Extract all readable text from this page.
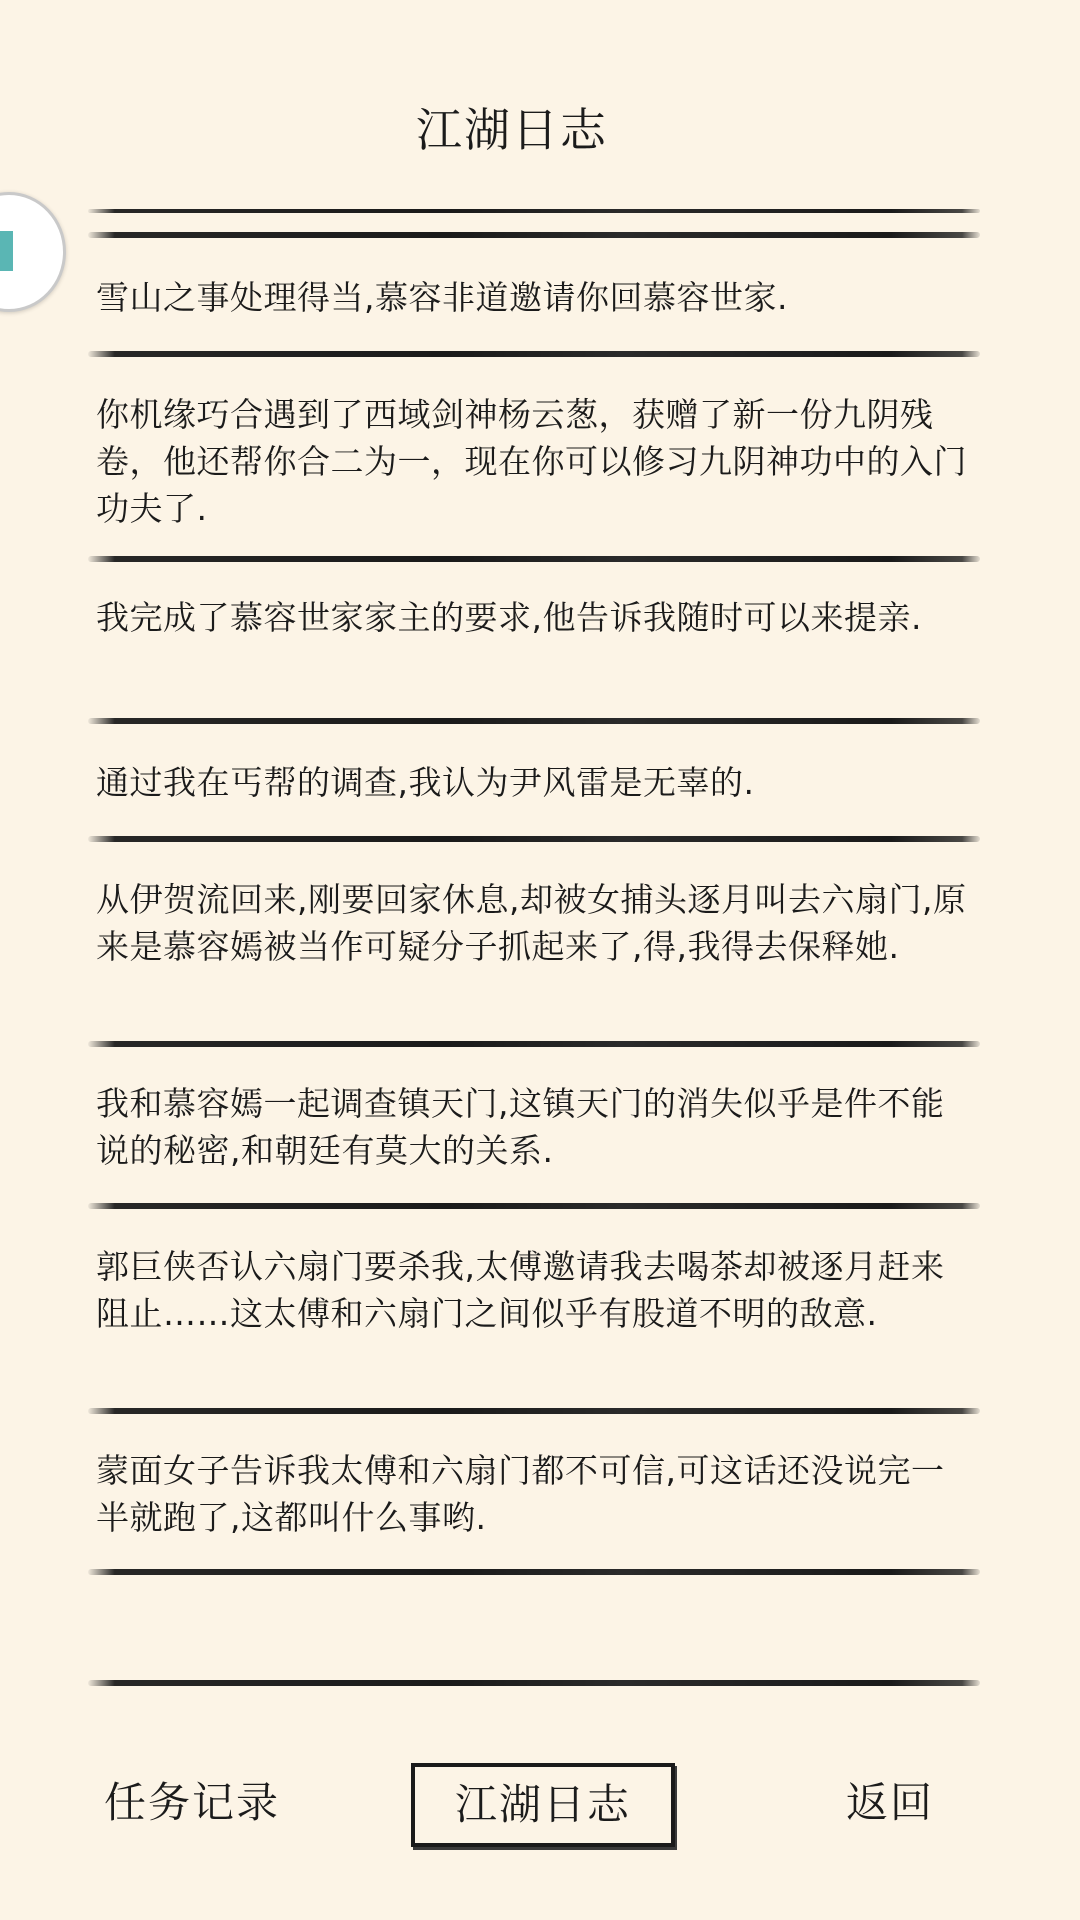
江湖日志
雪山之事处理得当,慕容非道邀请你回慕容世家.
你机缘巧合遇到了西域剑神杨云葱，获赠了新一份九阴残卷，他还帮你合二为一，现在你可以修习九阴神功中的入门功夫了.
我完成了慕容世家家主的要求,他告诉我随时可以来提亲.
通过我在丐帮的调查,我认为尹风雷是无辜的.
从伊贺流回来,刚要回家休息,却被女捕头逐月叫去六扇门,原来是慕容嫣被当作可疑分子抓起来了,得,我得去保释她.
我和慕容嫣一起调查镇天门,这镇天门的消失似乎是件不能说的秘密,和朝廷有莫大的关系.
郭巨侠否认六扇门要杀我,太傅邀请我去喝茶却被逐月赶来阻止……这太傅和六扇门之间似乎有股道不明的敌意.
蒙面女子告诉我太傅和六扇门都不可信,可这话还没说完一半就跑了,这都叫什么事哟.
任务记录	江湖日志	返回
